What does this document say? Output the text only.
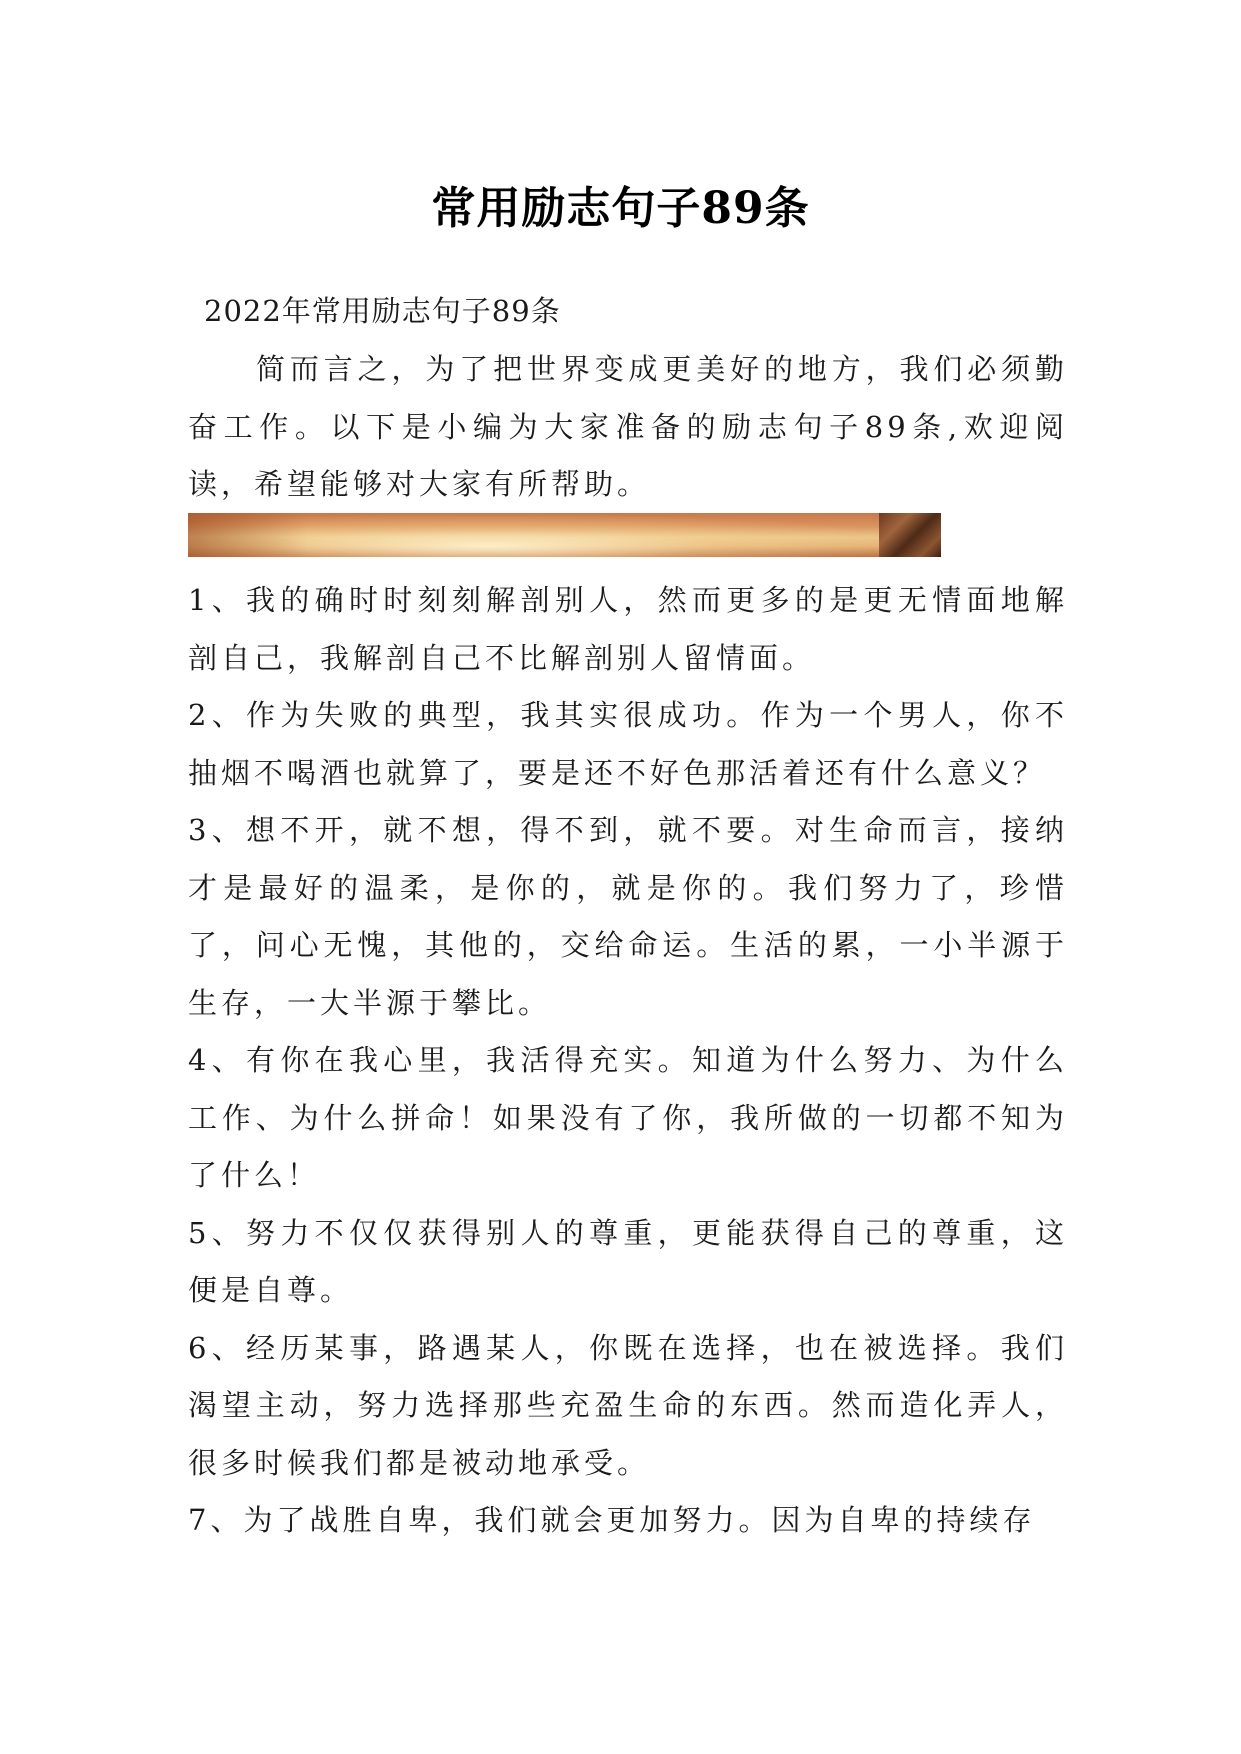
常用励志句子89条
2022年常用励志句子89条

简而言之，为了把世界变成更美好的地方，我们必须勤奋工作。以下是小编为大家准备的励志句子89条,欢迎阅读，希望能够对大家有所帮助。

1、我的确时时刻刻解剖别人，然而更多的是更无情面地解剖自己，我解剖自己不比解剖别人留情面。

2、作为失败的典型，我其实很成功。作为一个男人，你不抽烟不喝酒也就算了，要是还不好色那活着还有什么意义？

3、想不开，就不想，得不到，就不要。对生命而言，接纳才是最好的温柔，是你的，就是你的。我们努力了，珍惜了，问心无愧，其他的，交给命运。生活的累，一小半源于生存，一大半源于攀比。

4、有你在我心里，我活得充实。知道为什么努力、为什么工作、为什么拼命！如果没有了你，我所做的一切都不知为了什么！

5、努力不仅仅获得别人的尊重，更能获得自己的尊重，这便是自尊。

6、经历某事，路遇某人，你既在选择，也在被选择。我们渴望主动，努力选择那些充盈生命的东西。然而造化弄人，很多时候我们都是被动地承受。

7、为了战胜自卑，我们就会更加努力。因为自卑的持续存
